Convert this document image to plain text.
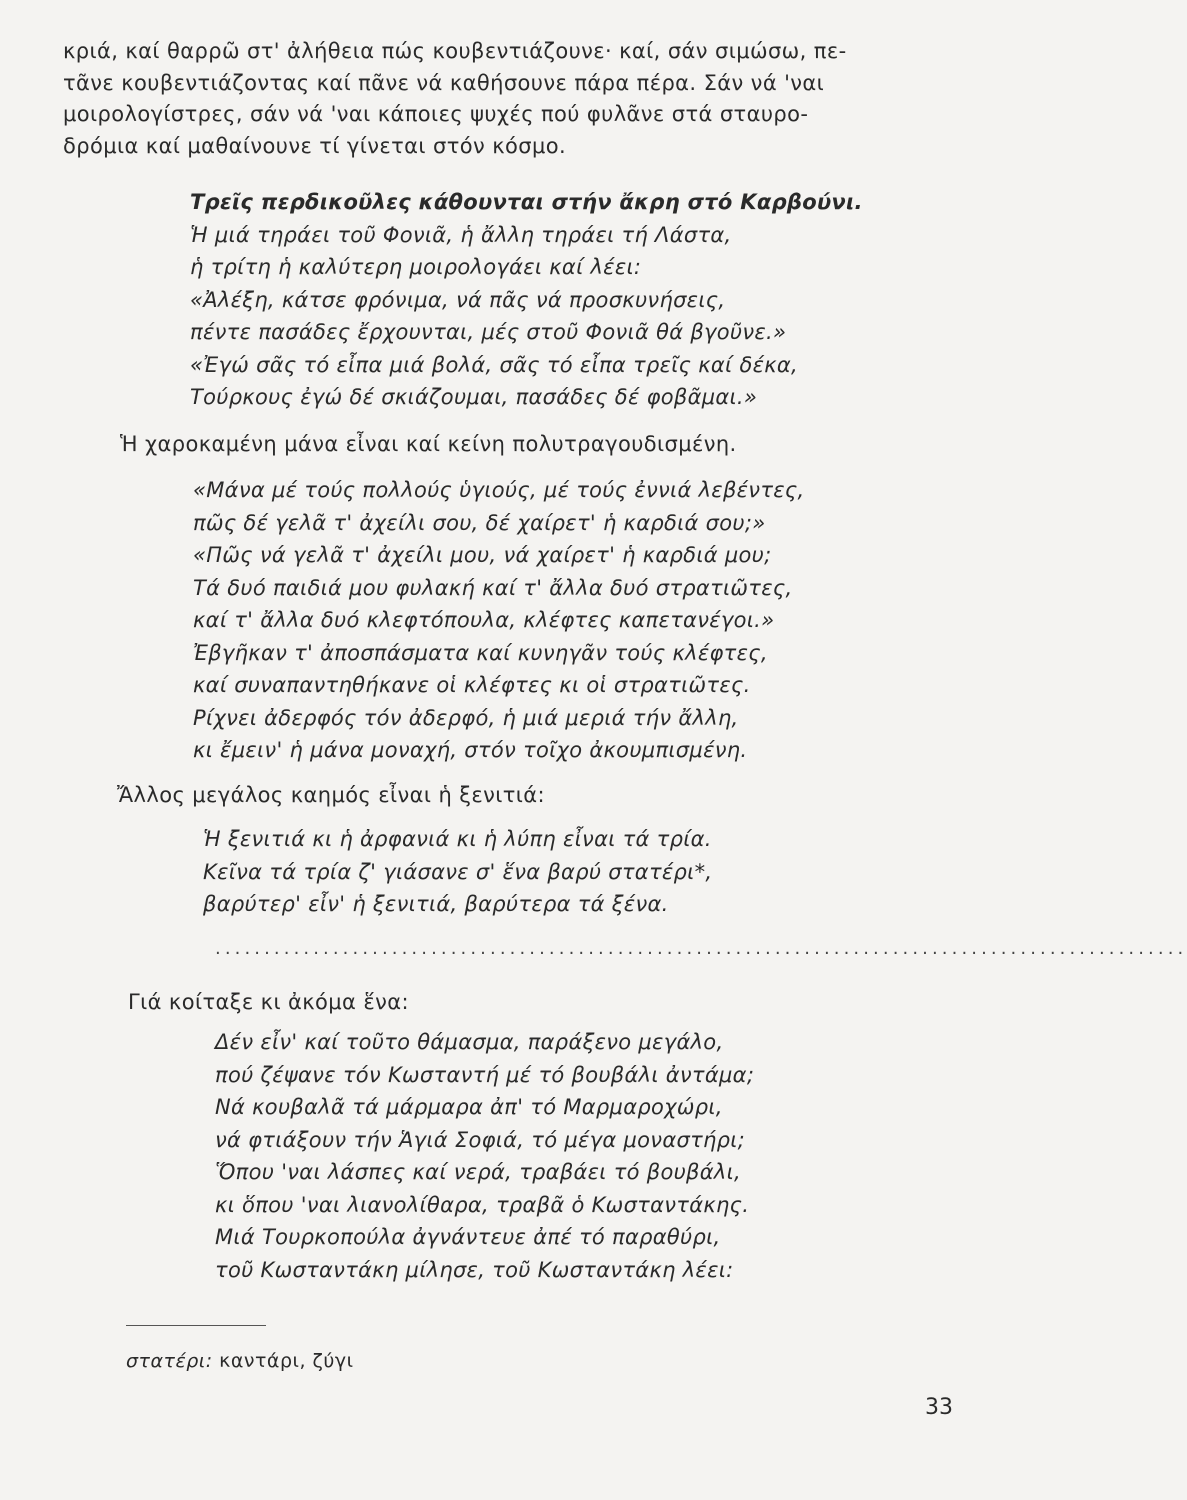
κριά, καί θαρρῶ στ' ἀλήθεια πώς κουβεντιάζουνε· καί, σάν σιμώσω, πε-

τᾶνε κουβεντιάζοντας καί πᾶνε νά καθήσουνε πάρα πέρα. Σάν νά 'ναι

μοιρολογίστρες, σάν νά 'ναι κάποιες ψυχές πού φυλᾶνε στά σταυρο-

δρόμια καί μαθαίνουνε τί γίνεται στόν κόσμο.

Τρεῖς περδικοῦλες κάθουνται στήν ἄκρη στό Καρβούνι.

Ἡ μιά τηράει τοῦ Φονιᾶ, ἡ ἄλλη τηράει τή Λάστα,

ἡ τρίτη ἡ καλύτερη μοιρολογάει καί λέει:

«Ἀλέξη, κάτσε φρόνιμα, νά πᾶς νά προσκυνήσεις,

πέντε πασάδες ἔρχουνται, μές στοῦ Φονιᾶ θά βγοῦνε.»

«Ἐγώ σᾶς τό εἶπα μιά βολά, σᾶς τό εἶπα τρεῖς καί δέκα,

Τούρκους ἐγώ δέ σκιάζουμαι, πασάδες δέ φοβᾶμαι.»

Ἡ χαροκαμένη μάνα εἶναι καί κείνη πολυτραγουδισμένη.

«Μάνα μέ τούς πολλούς ὑγιούς, μέ τούς ἐννιά λεβέντες,

πῶς δέ γελᾶ τ' ἀχείλι σου, δέ χαίρετ' ἡ καρδιά σου;»

«Πῶς νά γελᾶ τ' ἀχείλι μου, νά χαίρετ' ἡ καρδιά μου;

Τά δυό παιδιά μου φυλακή καί τ' ἄλλα δυό στρατιῶτες,

καί τ' ἄλλα δυό κλεφτόπουλα, κλέφτες καπετανέγοι.»

Ἐβγῆκαν τ' ἀποσπάσματα καί κυνηγᾶν τούς κλέφτες,

καί συναπαντηθήκανε οἱ κλέφτες κι οἱ στρατιῶτες.

Ρίχνει ἀδερφός τόν ἀδερφό, ἡ μιά μεριά τήν ἄλλη,

κι ἔμειν' ἡ μάνα μοναχή, στόν τοῖχο ἀκουμπισμένη.

Ἄλλος μεγάλος καημός εἶναι ἡ ξενιτιά:

Ἡ ξενιτιά κι ἡ ἀρφανιά κι ἡ λύπη εἶναι τά τρία.

Κεῖνα τά τρία ζ' γιάσανε σ' ἕνα βαρύ στατέρι*,

βαρύτερ' εἶν' ἡ ξενιτιά, βαρύτερα τά ξένα.

...................................................................................................
Γιά κοίταξε κι ἀκόμα ἕνα:

Δέν εἶν' καί τοῦτο θάμασμα, παράξενο μεγάλο,

πού ζέψανε τόν Κωσταντή μέ τό βουβάλι ἀντάμα;

Νά κουβαλᾶ τά μάρμαρα ἀπ' τό Μαρμαροχώρι,

νά φτιάξουν τήν Ἁγιά Σοφιά, τό μέγα μοναστήρι;

Ὅπου 'ναι λάσπες καί νερά, τραβάει τό βουβάλι,

κι ὅπου 'ναι λιανολίθαρα, τραβᾶ ὁ Κωσταντάκης.

Μιά Τουρκοπούλα ἀγνάντευε ἀπέ τό παραθύρι,

τοῦ Κωσταντάκη μίλησε, τοῦ Κωσταντάκη λέει:

στατέρι: καντάρι, ζύγι
33
